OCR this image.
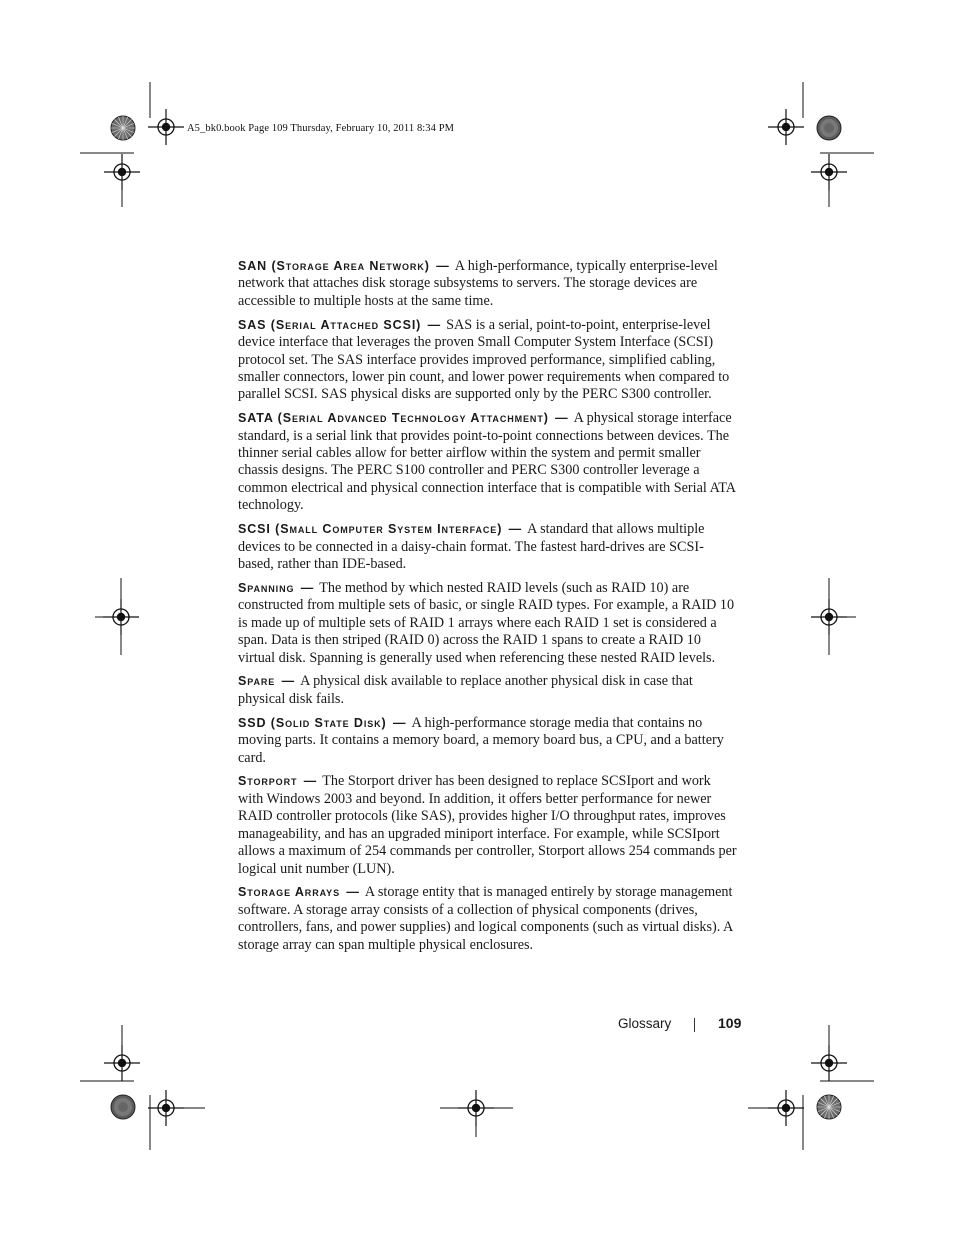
A5_bk0.book Page 109 Thursday, February 10, 2011 8:34 PM

SAN (Storage Area Network) — A high-performance, typically enterprise-level network that attaches disk storage subsystems to servers. The storage devices are accessible to multiple hosts at the same time.

SAS (Serial Attached SCSI) — SAS is a serial, point-to-point, enterprise-level device interface that leverages the proven Small Computer System Interface (SCSI) protocol set. The SAS interface provides improved performance, simplified cabling, smaller connectors, lower pin count, and lower power requirements when compared to parallel SCSI. SAS physical disks are supported only by the PERC S300 controller.

SATA (Serial Advanced Technology Attachment) — A physical storage interface standard, is a serial link that provides point-to-point connections between devices. The thinner serial cables allow for better airflow within the system and permit smaller chassis designs. The PERC S100 controller and PERC S300 controller leverage a common electrical and physical connection interface that is compatible with Serial ATA technology.

SCSI (Small Computer System Interface) — A standard that allows multiple devices to be connected in a daisy-chain format. The fastest hard-drives are SCSI-based, rather than IDE-based.

Spanning — The method by which nested RAID levels (such as RAID 10) are constructed from multiple sets of basic, or single RAID types. For example, a RAID 10 is made up of multiple sets of RAID 1 arrays where each RAID 1 set is considered a span. Data is then striped (RAID 0) across the RAID 1 spans to create a RAID 10 virtual disk. Spanning is generally used when referencing these nested RAID levels.

Spare — A physical disk available to replace another physical disk in case that physical disk fails.

SSD (Solid State Disk) — A high-performance storage media that contains no moving parts. It contains a memory board, a memory board bus, a CPU, and a battery card.

Storport — The Storport driver has been designed to replace SCSIport and work with Windows 2003 and beyond. In addition, it offers better performance for newer RAID controller protocols (like SAS), provides higher I/O throughput rates, improves manageability, and has an upgraded miniport interface. For example, while SCSIport allows a maximum of 254 commands per controller, Storport allows 254 commands per logical unit number (LUN).

Storage Arrays — A storage entity that is managed entirely by storage management software. A storage array consists of a collection of physical components (drives, controllers, fans, and power supplies) and logical components (such as virtual disks). A storage array can span multiple physical enclosures.

Glossary	109
